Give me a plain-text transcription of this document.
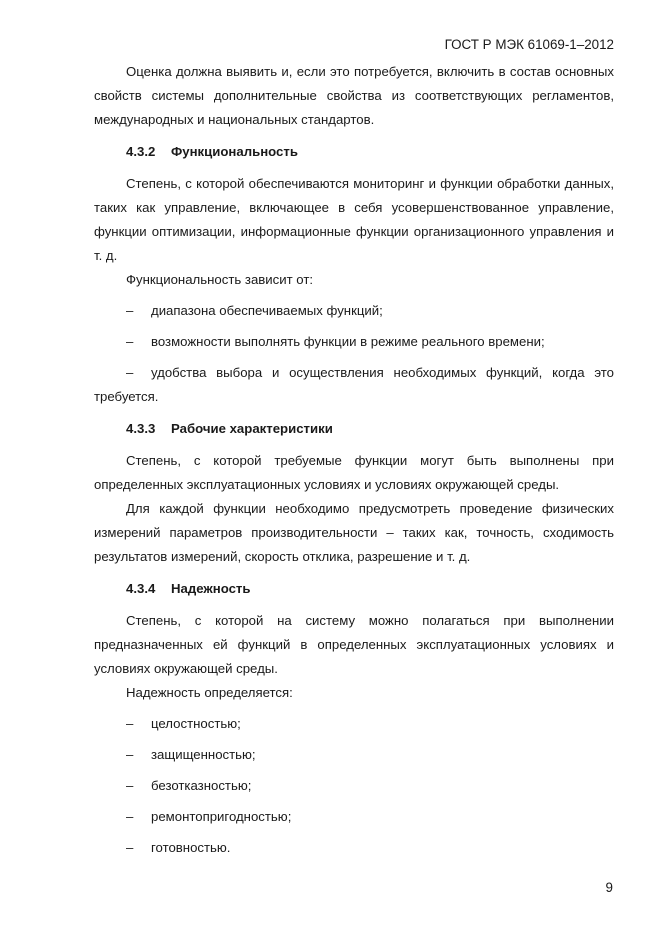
ГОСТ Р МЭК 61069-1–2012

Оценка должна выявить и, если это потребуется, включить в состав основных свойств системы дополнительные свойства из соответствующих регламентов, международных и национальных стандартов.

4.3.2 Функциональность

Степень, с которой обеспечиваются мониторинг и функции обработки данных, таких как управление, включающее в себя усовершенствованное управление, функции оптимизации, информационные функции организационного управления и т. д.

Функциональность зависит от:

– диапазона обеспечиваемых функций;

– возможности выполнять функции в режиме реального времени;

– удобства выбора и осуществления необходимых функций, когда это требуется.

4.3.3 Рабочие характеристики

Степень, с которой требуемые функции могут быть выполнены при определенных эксплуатационных условиях и условиях окружающей среды.

Для каждой функции необходимо предусмотреть проведение физических измерений параметров производительности – таких как, точность, сходимость результатов измерений, скорость отклика, разрешение и т. д.

4.3.4 Надежность

Степень, с которой на систему можно полагаться при выполнении предназначенных ей функций в определенных эксплуатационных условиях и условиях окружающей среды.

Надежность определяется:

– целостностью;

– защищенностью;

– безотказностью;

– ремонтопригодностью;

– готовностью.

9
